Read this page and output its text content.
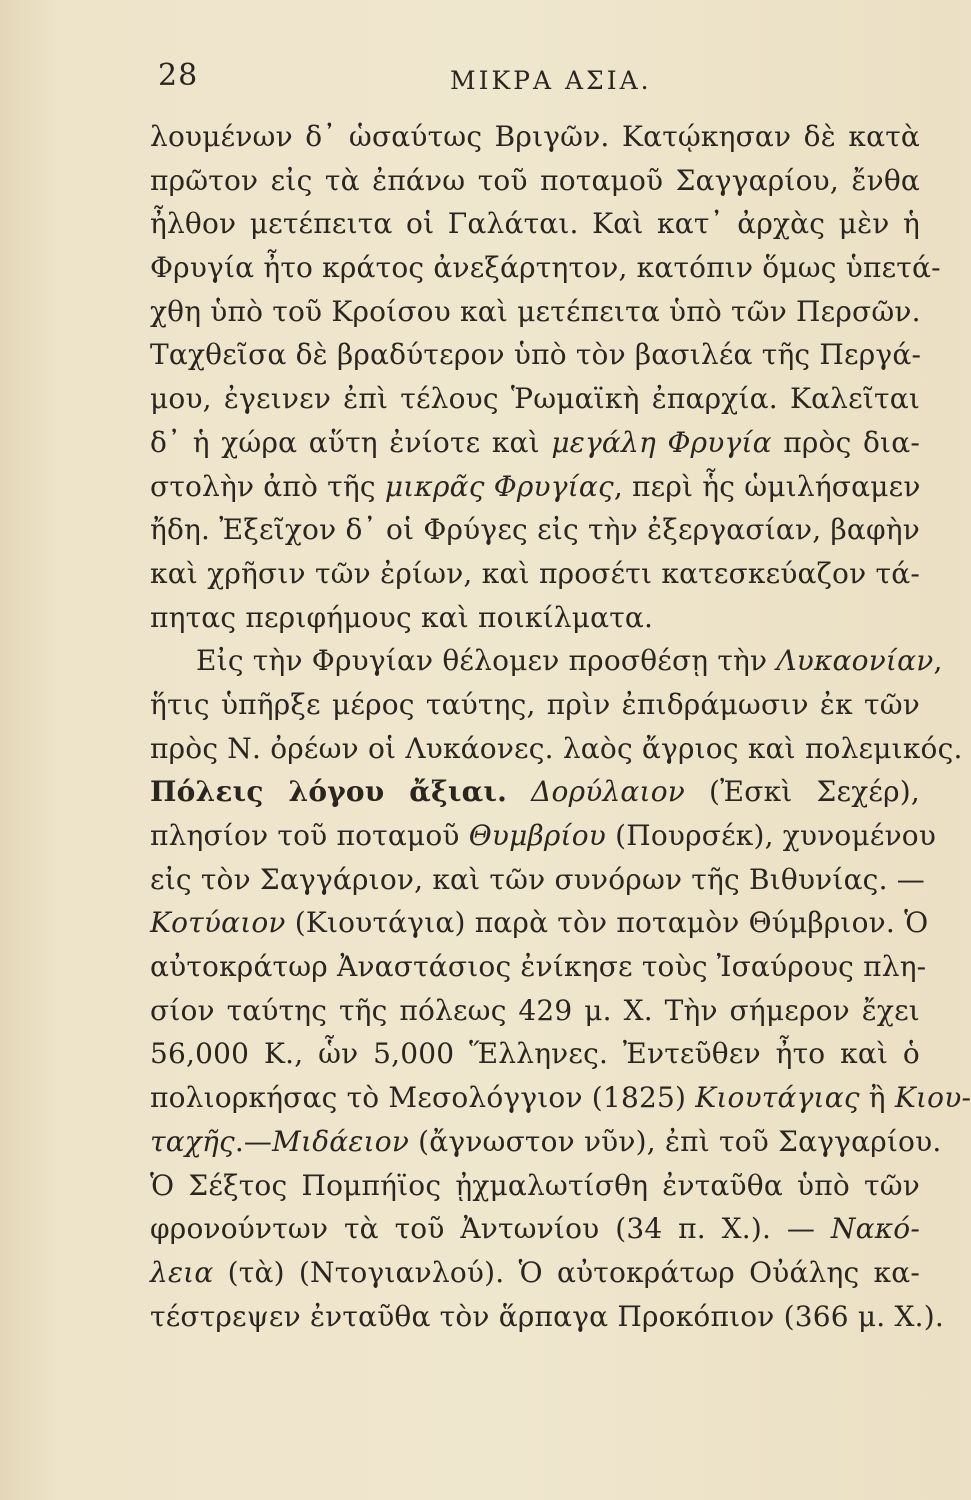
28	ΜΙΚΡΑ ΑΣΙΑ.
λουμένων δ᾽ ὡσαύτως Βριγῶν. Κατῴκησαν δὲ κατὰ
πρῶτον εἰς τὰ ἐπάνω τοῦ ποταμοῦ Σαγγαρίου, ἔνθα
ἦλθον μετέπειτα οἱ Γαλάται. Καὶ κατ᾽ ἀρχὰς μὲν ἡ
Φρυγία ἦτο κράτος ἀνεξάρτητον, κατόπιν ὅμως ὑπετά-
χθη ὑπὸ τοῦ Κροίσου καὶ μετέπειτα ὑπὸ τῶν Περσῶν.
Ταχθεῖσα δὲ βραδύτερον ὑπὸ τὸν βασιλέα τῆς Περγά-
μου, ἐγεινεν ἐπὶ τέλους Ῥωμαϊκὴ ἐπαρχία. Καλεῖται
δ᾽ ἡ χώρα αὕτη ἐνίοτε καὶ μεγάλη Φρυγία πρὸς δια-
στολὴν ἀπὸ τῆς μικρᾶς Φρυγίας, περὶ ἧς ὡμιλήσαμεν
ἤδη. Ἐξεῖχον δ᾽ οἱ Φρύγες εἰς τὴν ἐξεργασίαν, βαφὴν
καὶ χρῆσιν τῶν ἐρίων, καὶ προσέτι κατεσκεύαζον τά-
πητας περιφήμους καὶ ποικίλματα.
Εἰς τὴν Φρυγίαν θέλομεν προσθέσῃ τὴν Λυκαονίαν,
ἥτις ὑπῆρξε μέρος ταύτης, πρὶν ἐπιδράμωσιν ἐκ τῶν
πρὸς Ν. ὀρέων οἱ Λυκάονες. λαὸς ἄγριος καὶ πολεμικός.
Πόλεις λόγου ἄξιαι. Δορύλαιον (Ἐσκὶ Σεχέρ),
πλησίον τοῦ ποταμοῦ Θυμβρίου (Πουρσέκ), χυνομένου
εἰς τὸν Σαγγάριον, καὶ τῶν συνόρων τῆς Βιθυνίας. —
Κοτύαιον (Κιουτάγια) παρὰ τὸν ποταμὸν Θύμβριον. Ὁ
αὐτοκράτωρ Ἀναστάσιος ἐνίκησε τοὺς Ἰσαύρους πλη-
σίον ταύτης τῆς πόλεως 429 μ. Χ. Τὴν σήμερον ἔχει
56,000 Κ., ὧν 5,000 Ἕλληνες. Ἐντεῦθεν ἦτο καὶ ὁ
πολιορκήσας τὸ Μεσολόγγιον (1825) Κιουτάγιας ἢ Κιου-
ταχῆς.—Μιδάειον (ἄγνωστον νῦν), ἐπὶ τοῦ Σαγγαρίου.
Ὁ Σέξτος Πομπήϊος ᾐχμαλωτίσθη ἐνταῦθα ὑπὸ τῶν
φρονούντων τὰ τοῦ Ἀντωνίου (34 π. Χ.). — Νακό-
λεια (τὰ) (Ντογιανλού). Ὁ αὐτοκράτωρ Οὐάλης κα-
τέστρεψεν ἐνταῦθα τὸν ἅρπαγα Προκόπιον (366 μ. Χ.).
